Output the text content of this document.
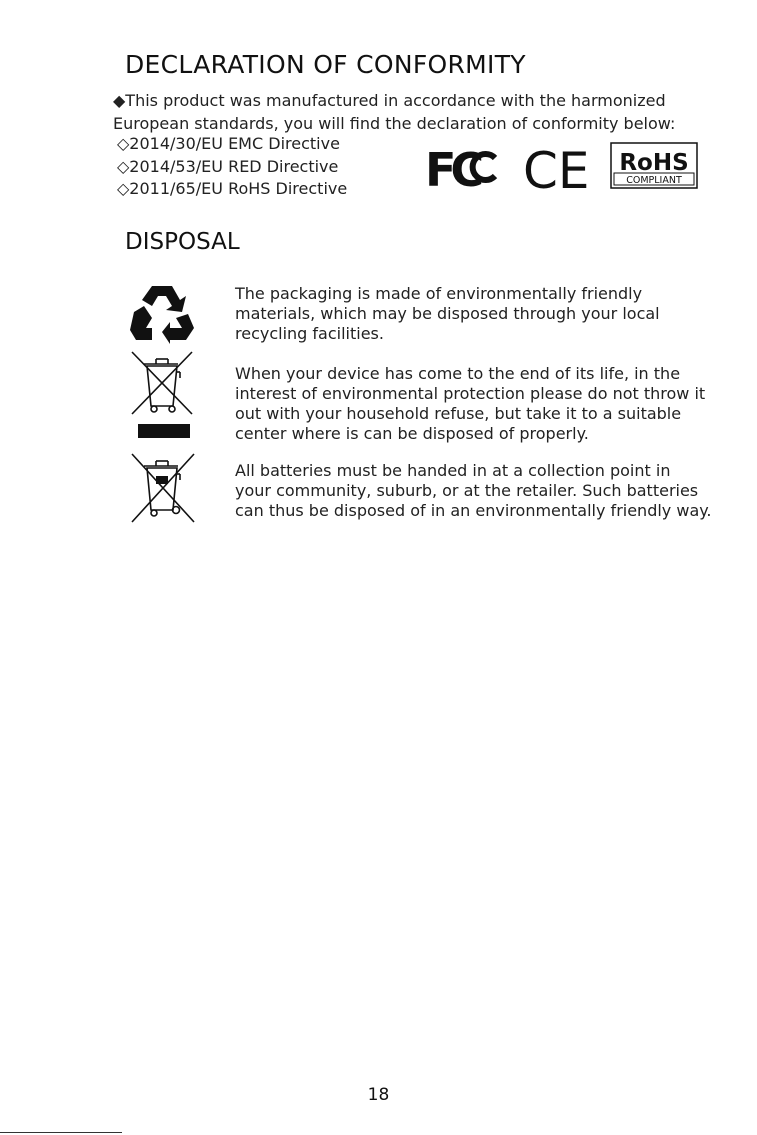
DECLARATION OF CONFORMITY

◆This product was manufactured in accordance with the harmonized
European standards, you will find the declaration of conformity below:

◇2014/30/EU EMC Directive
◇2014/53/EU RED Directive
◇2011/65/EU RoHS Directive FC CE RoHS
COMPLIANT
DISPOSAL

The packaging is made of environmentally friendly
materials, which may be disposed through your local
recycling facilities.

When your device has come to the end of its life, in the
interest of environmental protection please do not throw it
out with your household refuse, but take it to a suitable
center where is can be disposed of properly.

All batteries must be handed in at a collection point in
your community, suburb, or at the retailer. Such batteries
can thus be disposed of in an environmentally friendly way.

18
